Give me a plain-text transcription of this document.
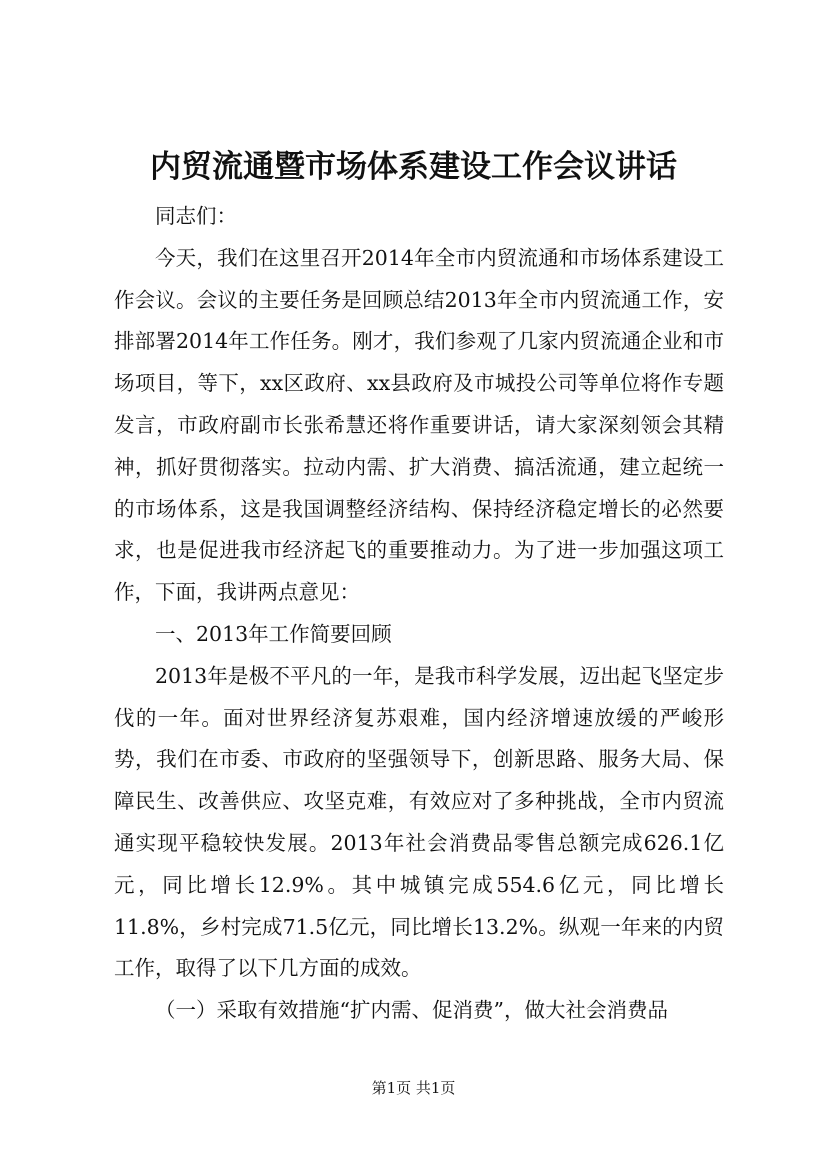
内贸流通暨市场体系建设工作会议讲话

同志们：

今天，我们在这里召开2014年全市内贸流通和市场体系建设工作会议。会议的主要任务是回顾总结2013年全市内贸流通工作，安排部署2014年工作任务。刚才，我们参观了几家内贸流通企业和市场项目，等下，xx区政府、xx县政府及市城投公司等单位将作专题发言，市政府副市长张希慧还将作重要讲话，请大家深刻领会其精神，抓好贯彻落实。拉动内需、扩大消费、搞活流通，建立起统一的市场体系，这是我国调整经济结构、保持经济稳定增长的必然要求，也是促进我市经济起飞的重要推动力。为了进一步加强这项工作，下面，我讲两点意见：

一、2013年工作简要回顾

2013年是极不平凡的一年，是我市科学发展，迈出起飞坚定步伐的一年。面对世界经济复苏艰难，国内经济增速放缓的严峻形势，我们在市委、市政府的坚强领导下，创新思路、服务大局、保障民生、改善供应、攻坚克难，有效应对了多种挑战，全市内贸流通实现平稳较快发展。2013年社会消费品零售总额完成626.1亿元，同比增长12.9%。其中城镇完成554.6亿元，同比增长11.8%，乡村完成71.5亿元，同比增长13.2%。纵观一年来的内贸工作，取得了以下几方面的成效。

（一）采取有效措施“扩内需、促消费”，做大社会消费品

第1页 共1页
